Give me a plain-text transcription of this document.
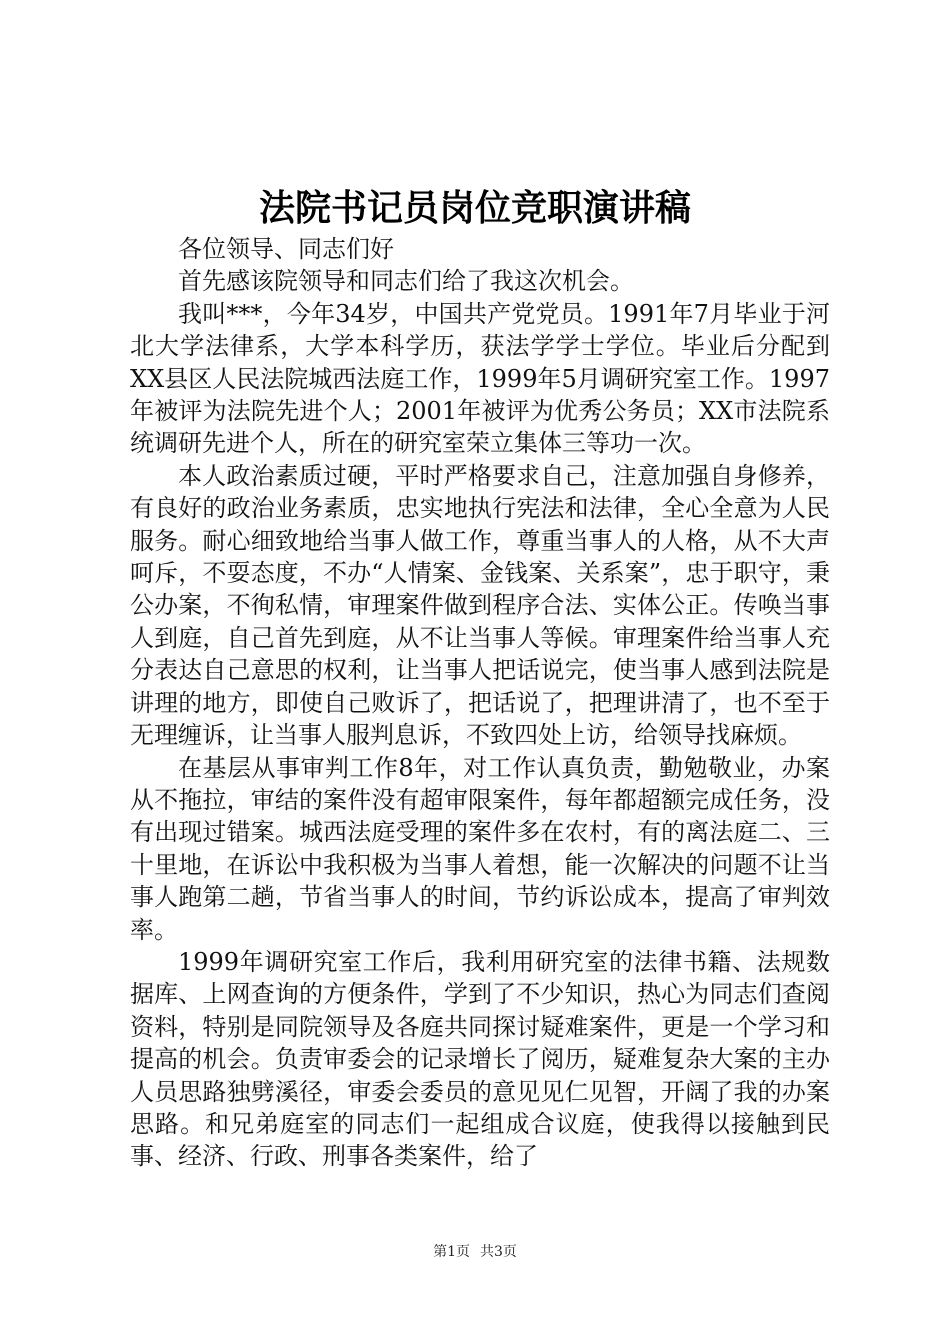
法院书记员岗位竞职演讲稿

各位领导、同志们好

首先感该院领导和同志们给了我这次机会。

我叫***，今年34岁，中国共产党党员。1991年7月毕业于河北大学法律系，大学本科学历，获法学学士学位。毕业后分配到XX县区人民法院城西法庭工作，1999年5月调研究室工作。1997年被评为法院先进个人；2001年被评为优秀公务员；XX市法院系统调研先进个人，所在的研究室荣立集体三等功一次。

本人政治素质过硬，平时严格要求自己，注意加强自身修养，有良好的政治业务素质，忠实地执行宪法和法律，全心全意为人民服务。耐心细致地给当事人做工作，尊重当事人的人格，从不大声呵斥，不耍态度，不办“人情案、金钱案、关系案”，忠于职守，秉公办案，不徇私情，审理案件做到程序合法、实体公正。传唤当事人到庭，自己首先到庭，从不让当事人等候。审理案件给当事人充分表达自己意思的权利，让当事人把话说完，使当事人感到法院是讲理的地方，即使自己败诉了，把话说了，把理讲清了，也不至于无理缠诉，让当事人服判息诉，不致四处上访，给领导找麻烦。

在基层从事审判工作8年，对工作认真负责，勤勉敬业，办案从不拖拉，审结的案件没有超审限案件，每年都超额完成任务，没有出现过错案。城西法庭受理的案件多在农村，有的离法庭二、三十里地，在诉讼中我积极为当事人着想，能一次解决的问题不让当事人跑第二趟，节省当事人的时间，节约诉讼成本，提高了审判效率。

1999年调研究室工作后，我利用研究室的法律书籍、法规数据库、上网查询的方便条件，学到了不少知识，热心为同志们查阅资料，特别是同院领导及各庭共同探讨疑难案件，更是一个学习和提高的机会。负责审委会的记录增长了阅历，疑难复杂大案的主办人员思路独劈溪径，审委会委员的意见见仁见智，开阔了我的办案思路。和兄弟庭室的同志们一起组成合议庭，使我得以接触到民事、经济、行政、刑事各类案件，给了

第1页 共3页
